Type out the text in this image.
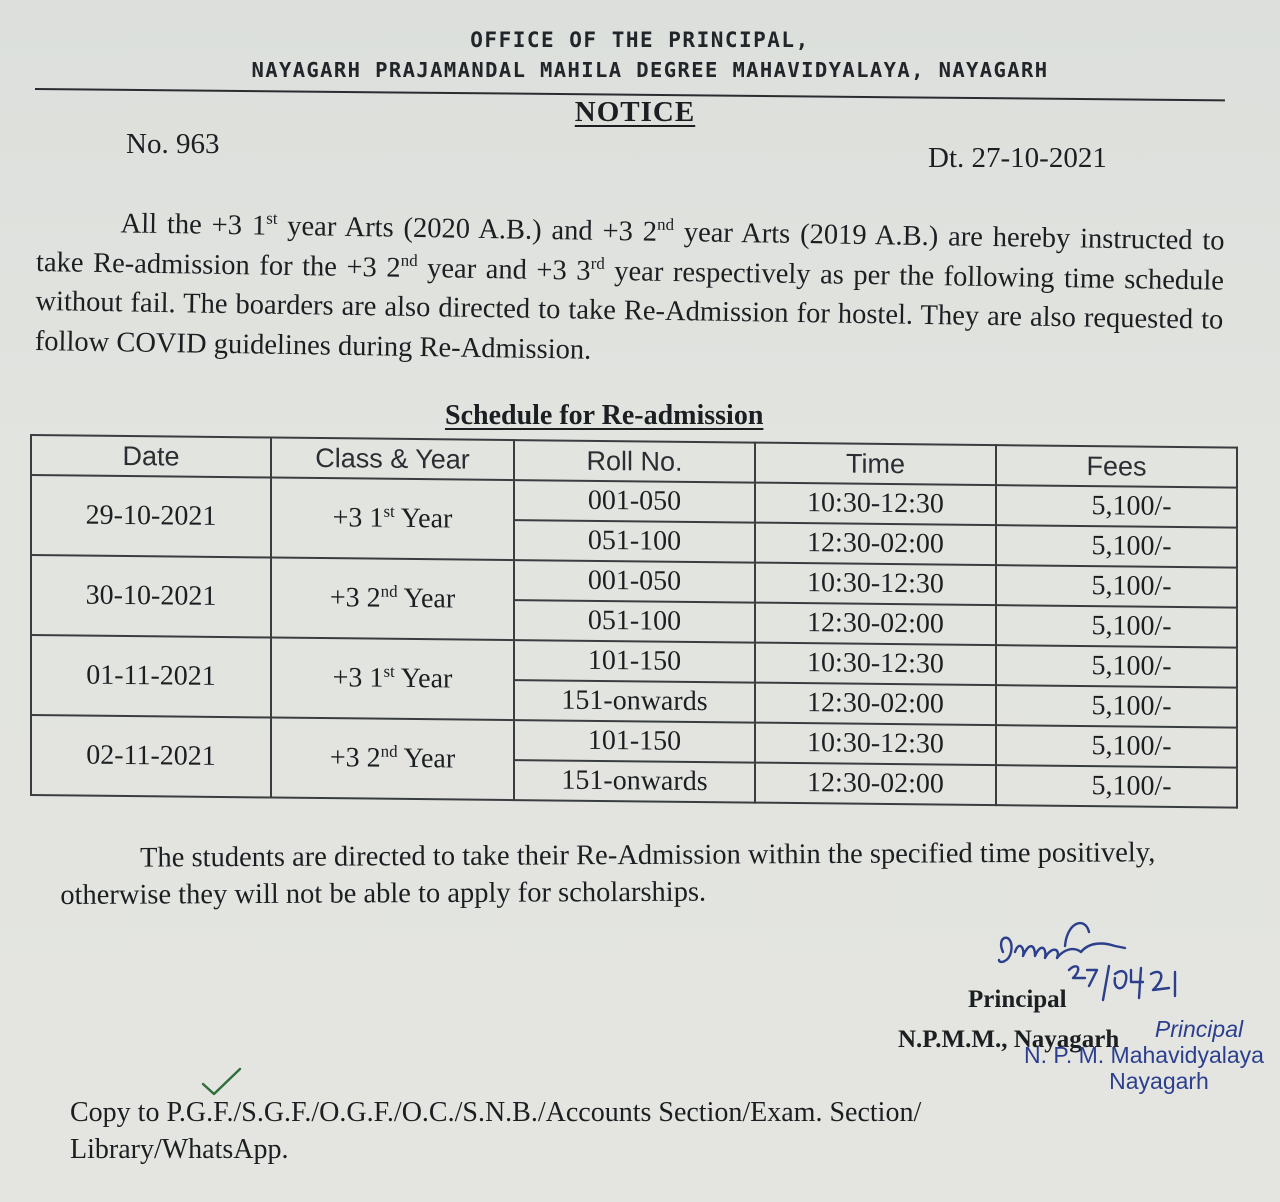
OFFICE OF THE PRINCIPAL,
NAYAGARH PRAJAMANDAL MAHILA DEGREE MAHAVIDYALAYA, NAYAGARH
NOTICE
No. 963	Dt. 27-10-2021
All the +3 1st year Arts (2020 A.B.) and +3 2nd year Arts (2019 A.B.) are hereby instructed to take Re-admission for the +3 2nd year and +3 3rd year respectively as per the following time schedule without fail. The boarders are also directed to take Re-Admission for hostel. They are also requested to follow COVID guidelines during Re-Admission.
Schedule for Re-admission
Date	Class & Year	Roll No.	Time	Fees
29-10-2021	+3 1st Year	001-050	10:30-12:30	5,100/-
		051-100	12:30-02:00	5,100/-
30-10-2021	+3 2nd Year	001-050	10:30-12:30	5,100/-
		051-100	12:30-02:00	5,100/-
01-11-2021	+3 1st Year	101-150	10:30-12:30	5,100/-
		151-onwards	12:30-02:00	5,100/-
02-11-2021	+3 2nd Year	101-150	10:30-12:30	5,100/-
		151-onwards	12:30-02:00	5,100/-
The students are directed to take their Re-Admission within the specified time positively, otherwise they will not be able to apply for scholarships.
Principal
N.P.M.M., Nayagarh	Principal
N. P. M. Mahavidyalaya
Nayagarh
Copy to P.G.F./S.G.F./O.G.F./O.C./S.N.B./Accounts Section/Exam. Section/
Library/WhatsApp.
